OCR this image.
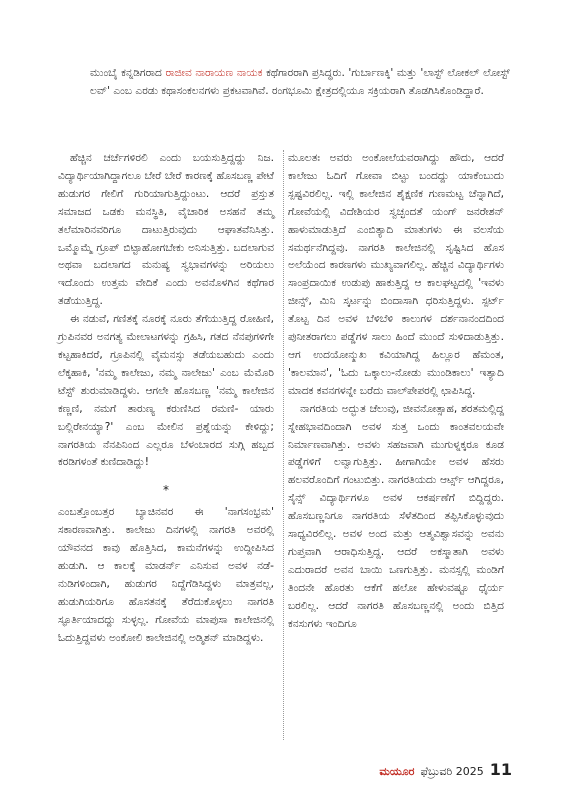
ಮುಂಬೈ ಕನ್ನಡಿಗರಾದ ರಾಜೀವ ನಾರಾಯಣ ನಾಯಕ ಕಥೆಗಾರರಾಗಿ ಪ್ರಸಿದ್ಧರು. 'ಗುರ್ಬಾಣಕ್ಕಿ' ಮತ್ತು 'ಲಾಸ್ಟ್ ಲೋಕಲ್ ಲೋಸ್ಟ್ ಲವ್' ಎಂಬ ಎರಡು ಕಥಾಸಂಕಲನಗಳು ಪ್ರಕಟವಾಗಿವೆ. ರಂಗಭೂಮಿ ಕ್ಷೇತ್ರದಲ್ಲಿಯೂ ಸಕ್ರಿಯರಾಗಿ ತೊಡಗಿಸಿಕೊಂಡಿದ್ದಾರೆ.

ಹೆಚ್ಚಿನ ಚರ್ಚೆಗಳಿರಲಿ ಎಂದು ಬಯಸುತ್ತಿದ್ದದ್ದು ನಿಜ. ವಿದ್ಯಾರ್ಥಿಯಾಗಿದ್ದಾಗಲೂ ಬೇರೆ ಬೇರೆ ಕಾರಣಕ್ಕೆ ಹೊಸಬಣ್ಣ ಪೇಟೆ ಹುಡುಗರ ಗೇಲಿಗೆ ಗುರಿಯಾಗುತ್ತಿದ್ದುಂಟು. ಆದರೆ ಪ್ರಸ್ತುತ ಸಮಾಜದ ಒಡಕು ಮನಸ್ಥಿತಿ, ವೈಚಾರಿಕ ಅಸಹನೆ ತಮ್ಮ ತಲೆಮಾರಿನವರಿಗೂ ದಾಟುತ್ತಿರುವುದು ಆಘಾತವೆನಿಸಿತ್ತು. ಒಮ್ಮೊಮ್ಮೆ ಗ್ರೂಪ್ ಬಿಟ್ಟಾಹೋಗಬೇಕು ಅನಿಸುತ್ತಿತ್ತು. ಬದಲಾಗುವ ಅಥವಾ ಬದಲಾಗದ ಮನುಷ್ಯ ಸ್ವಭಾವಗಳನ್ನು ಅರಿಯಲು ಇದೊಂದು ಉತ್ತಮ ವೇದಿಕೆ ಎಂದು ಅವನೊಳಗಿನ ಕಥೆಗಾರ ತಡೆಯುತ್ತಿದ್ದ.

ಈ ನಡುವೆ, ಗಣಿತಕ್ಕೆ ನೂರಕ್ಕೆ ನೂರು ತೆಗೆಯುತ್ತಿದ್ದ ರೋಹಿಣಿ, ಗ್ರುಪಿನವರ ಅನಗತ್ಯ ಮೇಲಾಟಗಳನ್ನು ಗ್ರಹಿಸಿ, ಗತದ ನೆನಪುಗಳಿಗೇ ಕಟ್ಟಹಾಕಿದರೆ, ಗ್ರೂಪಿನಲ್ಲಿ ವೈಮನಸ್ಸು ತಡೆಯಬಹುದು ಎಂದು ಲೆಕ್ಕಹಾಕಿ, 'ನಮ್ಮ ಕಾಲೇಜು, ನಮ್ಮ ನಾಲೇಜು' ಎಂಬ ಮೆಮೊರಿ ಟೆಸ್ಟ್ ಶುರುಮಾಡಿದ್ದಳು. ಆಗಲೇ ಹೊಸಬಣ್ಣ 'ನಮ್ಮ ಕಾಲೇಜಿನ ಕಣ್ಣಣಿ, ನಮಗೆ ತಾರುಣ್ಯ ಕರುಣಿಸಿದ ರಮಣಿ- ಯಾರು ಬಲ್ಲಿರೇನಯ್ಯಾ?' ಎಂಬ ಮೇಲಿನ ಪ್ರಶ್ನೆಯನ್ನು ಕೇಳಿದ್ದು; ನಾಗರತಿಯ ನೆನಪಿನಿಂದ ಎಲ್ಲರೂ ಬೆಳಂಬಾರದ ಸುಗ್ಗಿ ಹಬ್ಬದ ಕರಡಿಗಳಂತೆ ಕುಣಿದಾಡಿದ್ದು!

*

ಎಂಬತ್ತೊಂಬತ್ತರ ಬ್ಯಾಚಿನವರ ಈ 'ನಾಗಸಂಭ್ರಮ' ಸಕಾರಣವಾಗಿತ್ತು. ಕಾಲೇಜು ದಿನಗಳಲ್ಲಿ ನಾಗರತಿ ಅವರಲ್ಲಿ ಯೌವನದ ಕಾವು ಹೊತ್ತಿಸಿದ, ಕಾಮನೆಗಳನ್ನು ಉದ್ದೀಪಿಸಿದ ಹುಡುಗಿ. ಆ ಕಾಲಕ್ಕೆ ಮಾಡರ್ನ್ ಎನಿಸುವ ಅವಳ ನಡೆ-ನುಡಿಗಳಿಂದಾಗಿ, ಹುಡುಗರ ನಿದ್ದೆಗೆಡಿಸಿದ್ದಳು ಮಾತ್ರವಲ್ಲ, ಹುಡುಗಿಯರಿಗೂ ಹೊಸತನಕ್ಕೆ ತೆರೆದುಕೊಳ್ಳಲು ನಾಗರತಿ ಸ್ಫೂರ್ತಿಯಾದದ್ದು ಸುಳ್ಳಲ್ಲ. ಗೋವೆಯ ಮಾಪುಸಾ ಕಾಲೇಜಿನಲ್ಲಿ ಓದುತ್ತಿದ್ದವಳು ಅಂಕೋಲಿ ಕಾಲೇಜಿನಲ್ಲಿ ಅಡ್ಮಿಶನ್ ಮಾಡಿದ್ದಳು.

ಮೂಲತಃ ಅವರು ಅಂಕೋಲೆಯವರಾಗಿದ್ದು ಹೌದು, ಆದರೆ ಕಾಲೇಜು ಓದಿಗೆ ಗೋವಾ ಬಿಟ್ಟು ಬಂದದ್ದು ಯಾಕೆಂಬುದು ಸ್ಪಷ್ಟವಿರಲಿಲ್ಲ. ಇಲ್ಲಿ ಕಾಲೇಜಿನ ಶೈಕ್ಷಣಿಕ ಗುಣಮಟ್ಟ ಚೆನ್ನಾಗಿದೆ, ಗೋವೆಯಲ್ಲಿ ವಿದೇಶಿಯರ ಸ್ವಚ್ಛಂದತೆ ಯಂಗ್ ಜನರೇಶನ್ ಹಾಳುಮಾಡುತ್ತಿದೆ ಎಂಬಿತ್ಯಾದಿ ಮಾತುಗಳು ಈ ವಲಸೆಯ ಸಮರ್ಥನೆಗಿದ್ದವು. ನಾಗರತಿ ಕಾಲೇಜಿನಲ್ಲಿ ಸೃಷ್ಟಿಸಿದ ಹೊಸ ಅಲೆಯೆಂದ ಕಾರಣಗಳು ಮುಖ್ಯವಾಗಲಿಲ್ಲ. ಹೆಚ್ಚಿನ ವಿದ್ಯಾರ್ಥಿಗಳು ಸಾಂಪ್ರದಾಯಿಕ ಉಡುಪು ಹಾಕುತ್ತಿದ್ದ ಆ ಕಾಲಘಟ್ಟದಲ್ಲಿ 'ಇವಳು ಜೀನ್ಸ್, ಮಿನಿ ಸ್ಕರ್ಟನ್ನು ಬಿಂದಾಸಾಗಿ ಧರಿಸುತ್ತಿದ್ದಳು. ಸ್ಪರ್ಟ್ ತೊಟ್ಟ ದಿನ ಅವಳ ಬೆಳಿಬೆಳಿ ಕಾಲುಗಳ ದರ್ಶನಾನಂದದಿಂದ ಪುನೀತರಾಗಲು ಪಡ್ಡೆಗಳ ಸಾಲು ಹಿಂದೆ ಮುಂದೆ ಸುಳಿದಾಡುತ್ತಿತ್ತು. ಆಗ ಉದಯೋನ್ಮುಖ ಕವಿಯಾಗಿದ್ದ ಹಿಲ್ಲೂರ ಹೆಮಂತ, 'ಕಾಲಮಾನ', 'ಓದು ಒಕ್ಕಾಲು-ನೋಡು ಮುಂಡಿಕಾಲು' ಇತ್ಯಾದಿ ಮಾದಕ ಕವನಗಳನ್ನೇ ಬರೆದು ವಾಲ್‍ಪೇಪರಲ್ಲಿ ಛಾಪಿಸಿದ್ದ.

ನಾಗರತಿಯ ಅದ್ಭುತ ಚೆಲುವು, ಜೀವನೋತ್ಸಾಹ, ಶರತಮಲ್ಲಿದ್ದ ಸ್ನೇಹಭಾವದಿಂದಾಗಿ ಅವಳ ಸುತ್ತ ಒಂದು ಕಾಂತವಲಯವೇ ನಿರ್ಮಾಣವಾಗಿತ್ತು. ಅವಳು ಸಹಜವಾಗಿ ಮುಗುಳ್ನಕ್ಕರೂ ಕೂಡ ಪಡ್ಡೆಗಳಿಗೆ ಲವ್ವಾಗುತ್ತಿತ್ತು. ಹೀಗಾಗಿಯೇ ಅವಳ ಹೆಸರು ಹಲವರೊಂದಿಗೆ ಗಂಟುಬಿತ್ತು. ನಾಗರತಿಯದು ಆರ್ಟ್ಸ್ ಆಗಿದ್ದರೂ, ಸೈನ್ಸ್ ವಿದ್ಯಾರ್ಥಿಗಳೂ ಅವಳ ಆಕರ್ಷಣೆಗೆ ಬಿದ್ದಿದ್ದರು. ಹೊಸಬಣ್ಣನಿಗೂ ನಾಗರತಿಯ ಸೆಳೆತದಿಂದ ತಪ್ಪಿಸಿಕೊಳ್ಳುವುದು ಸಾಧ್ಯವಿರಲಿಲ್ಲ. ಅವಳ ಅಂದ ಮತ್ತು ಆತ್ಮವಿಶ್ವಾಸವನ್ನು ಅವನು ಗುಪ್ತವಾಗಿ ಆರಾಧಿಸುತ್ತಿದ್ದ. ಆದರೆ ಅಕಸ್ಮಾತಾಗಿ ಅವಳು ಎದುರಾದರೆ ಅವನ ಬಾಯಿ ಒಣಗುತ್ತಿತ್ತು. ಮನಸ್ಸಲ್ಲಿ ಮಂಡಿಗೆ ತಿಂದನೇ ಹೊರತು ಆಕೆಗೆ ಹಲೋ ಹೇಳುವಷ್ಟೂ ಧೈರ್ಯ ಬರಲಿಲ್ಲ. ಆದರೆ ನಾಗರತಿ ಹೊಸಬಣ್ಣನಲ್ಲಿ ಅಂದು ಬಿತ್ತಿದ ಕನಸುಗಳು ಇಂದಿಗೂ

ಮಯೂರ ಫೆಬ್ರುವರಿ 2025 11
